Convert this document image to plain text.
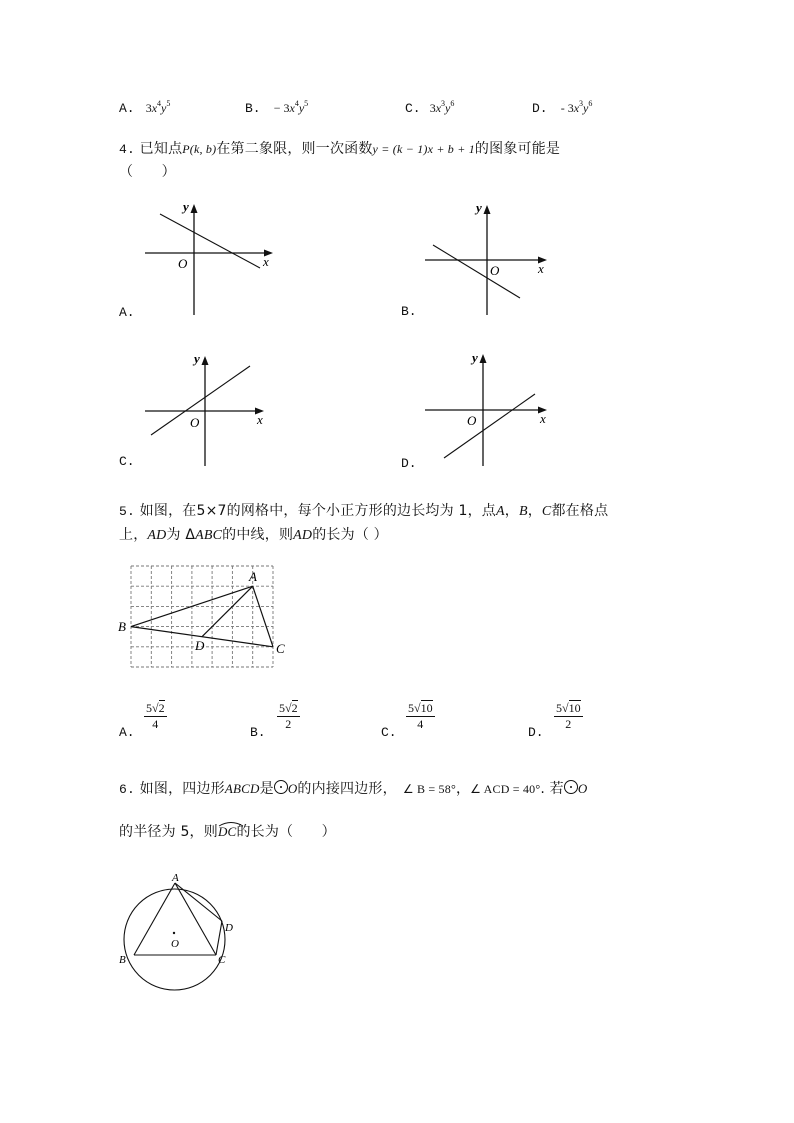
A. $3x^4y^5$	B. − $3x^4y^5$	C. $3x^3y^6$	D. - $3x^3y^6$
4. 已知点P(k, b)在第二象限，则一次函数y = (k − 1)x + b + 1的图象可能是
（　　）
y
x
O
A.
y
x
O
B.
y
x
O
C.
y
x
O
D.
5. 如图，在5×7的网格中，每个小正方形的边长均为 1，点A，B，C都在格点
上，AD为 ΔABC的中线，则AD的长为（ ）
A
B
C
D
A.
$\frac{5√2}{4}$
B.
$\frac{5√2}{2}$
C.
$\frac{5√10}{4}$
D.
$\frac{5√10}{2}$
6. 如图，四边形ABCD是 O的内接四边形， ∠ B = 58°，∠ ACD = 40°. 若 O
的半径为 5，则
DC的长为（　　）
A
B	C
D
O
